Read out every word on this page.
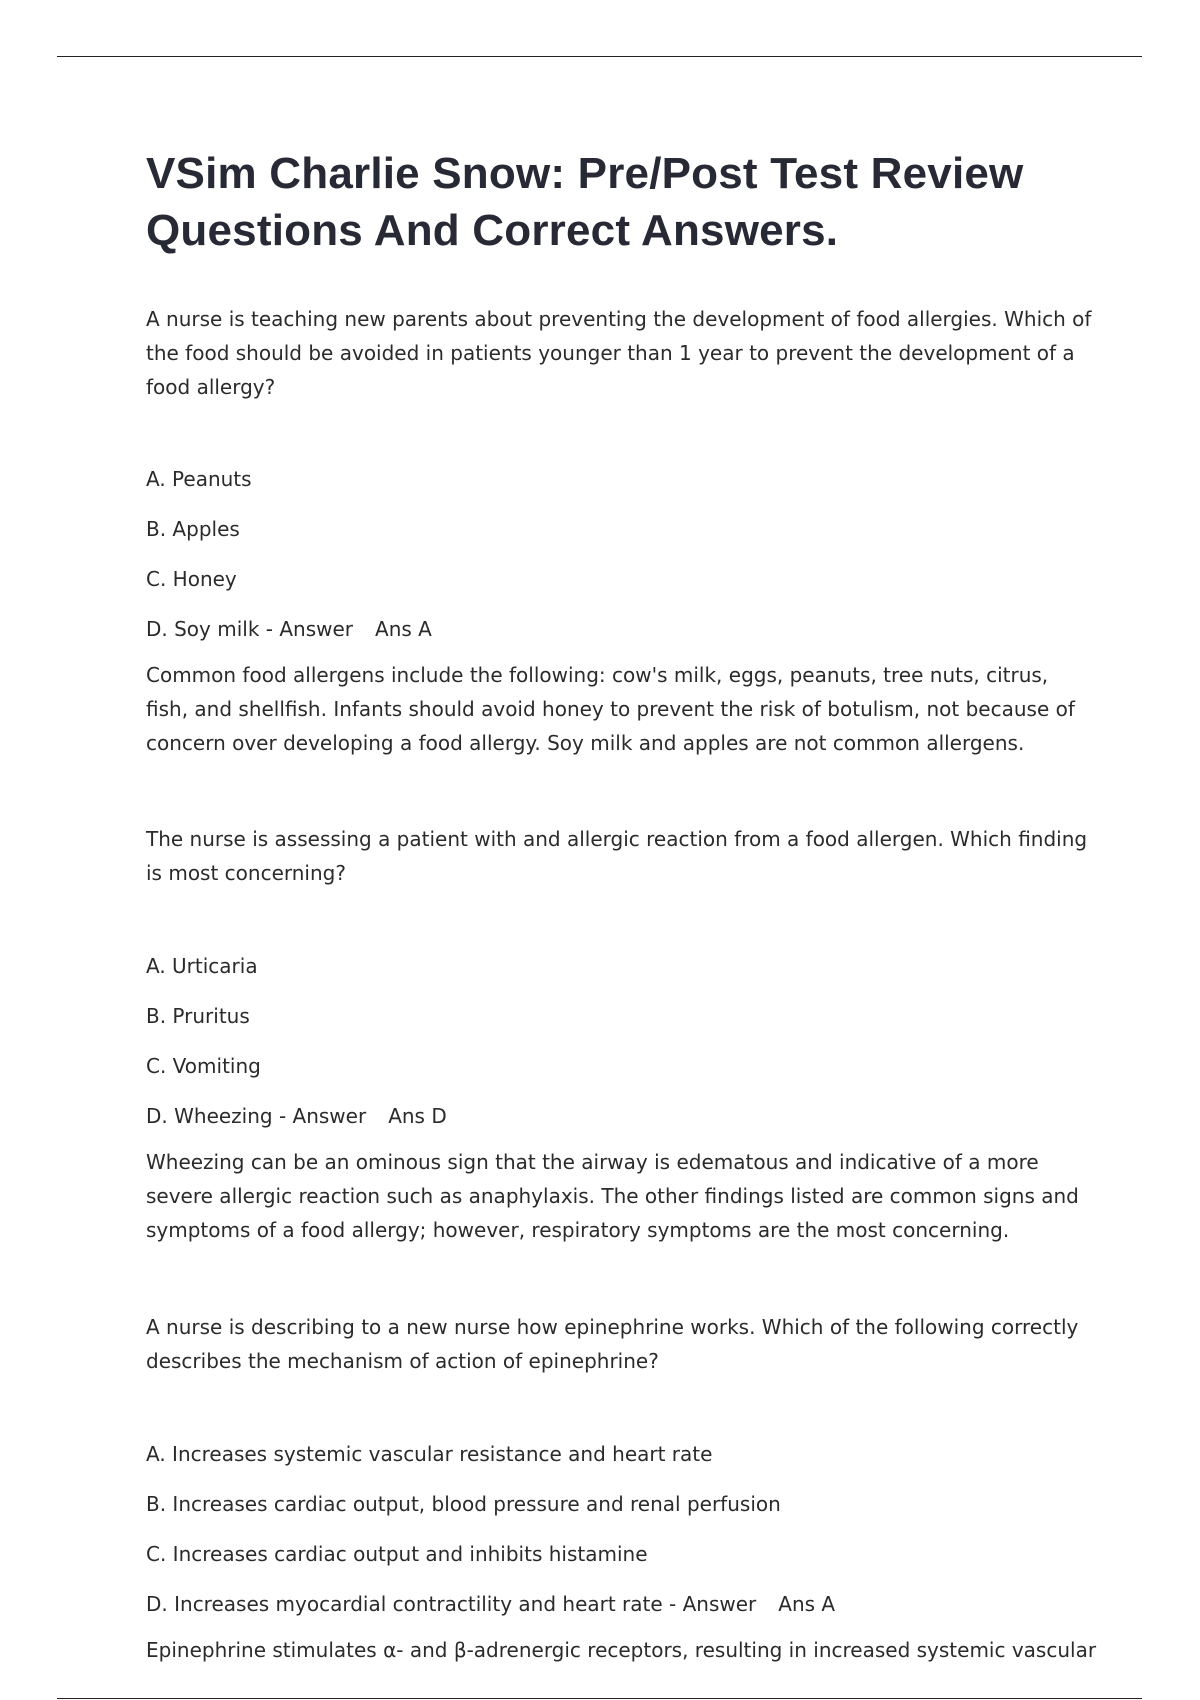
VSim Charlie Snow: Pre/Post Test Review Questions And Correct Answers.

A nurse is teaching new parents about preventing the development of food allergies. Which of the food should be avoided in patients younger than 1 year to prevent the development of a food allergy?

A. Peanuts
B. Apples
C. Honey
D. Soy milk - Answer Ans A

Common food allergens include the following: cow's milk, eggs, peanuts, tree nuts, citrus, fish, and shellfish. Infants should avoid honey to prevent the risk of botulism, not because of concern over developing a food allergy. Soy milk and apples are not common allergens.

The nurse is assessing a patient with and allergic reaction from a food allergen. Which finding is most concerning?

A. Urticaria
B. Pruritus
C. Vomiting
D. Wheezing - Answer Ans D

Wheezing can be an ominous sign that the airway is edematous and indicative of a more severe allergic reaction such as anaphylaxis. The other findings listed are common signs and symptoms of a food allergy; however, respiratory symptoms are the most concerning.

A nurse is describing to a new nurse how epinephrine works. Which of the following correctly describes the mechanism of action of epinephrine?

A. Increases systemic vascular resistance and heart rate
B. Increases cardiac output, blood pressure and renal perfusion
C. Increases cardiac output and inhibits histamine
D. Increases myocardial contractility and heart rate - Answer Ans A

Epinephrine stimulates α- and β-adrenergic receptors, resulting in increased systemic vascular
